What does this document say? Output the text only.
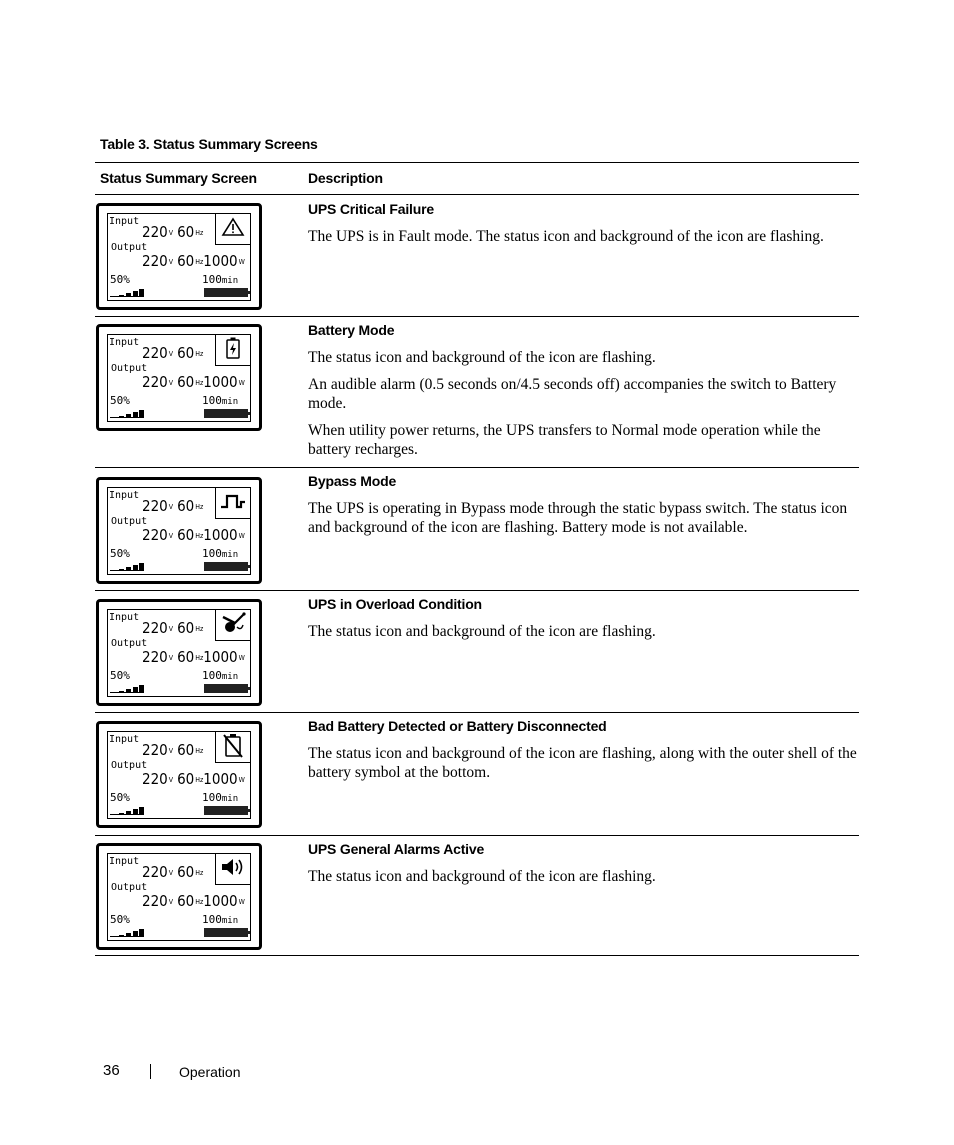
Table 3. Status Summary Screens
Status Summary Screen	Description
Input
$220^V$ $60^{Hz}$
Output
$220^V$ $60^{Hz}1000^W$
50%	100min
UPS Critical Failure

The UPS is in Fault mode. The status icon and background of the icon are flashing.

Input
$220^V$ $60^{Hz}$
Output
$220^V$ $60^{Hz}1000^W$
50%	100min
Battery Mode

The status icon and background of the icon are flashing.

An audible alarm (0.5 seconds on/4.5 seconds off) accompanies the switch to Battery mode.

When utility power returns, the UPS transfers to Normal mode operation while the battery recharges.

Input
$220^V$ $60^{Hz}$
Output
$220^V$ $60^{Hz}1000^W$
50%	100min
Bypass Mode

The UPS is operating in Bypass mode through the static bypass switch. The status icon and background of the icon are flashing. Battery mode is not available.

Input
$220^V$ $60^{Hz}$
Output
$220^V$ $60^{Hz}1000^W$
50%	100min
UPS in Overload Condition

The status icon and background of the icon are flashing.

Input
$220^V$ $60^{Hz}$
Output
$220^V$ $60^{Hz}1000^W$
50%	100min
Bad Battery Detected or Battery Disconnected

The status icon and background of the icon are flashing, along with the outer shell of the battery symbol at the bottom.

Input
$220^V$ $60^{Hz}$
Output
$220^V$ $60^{Hz}1000^W$
50%	100min
UPS General Alarms Active

The status icon and background of the icon are flashing.

36	Operation
